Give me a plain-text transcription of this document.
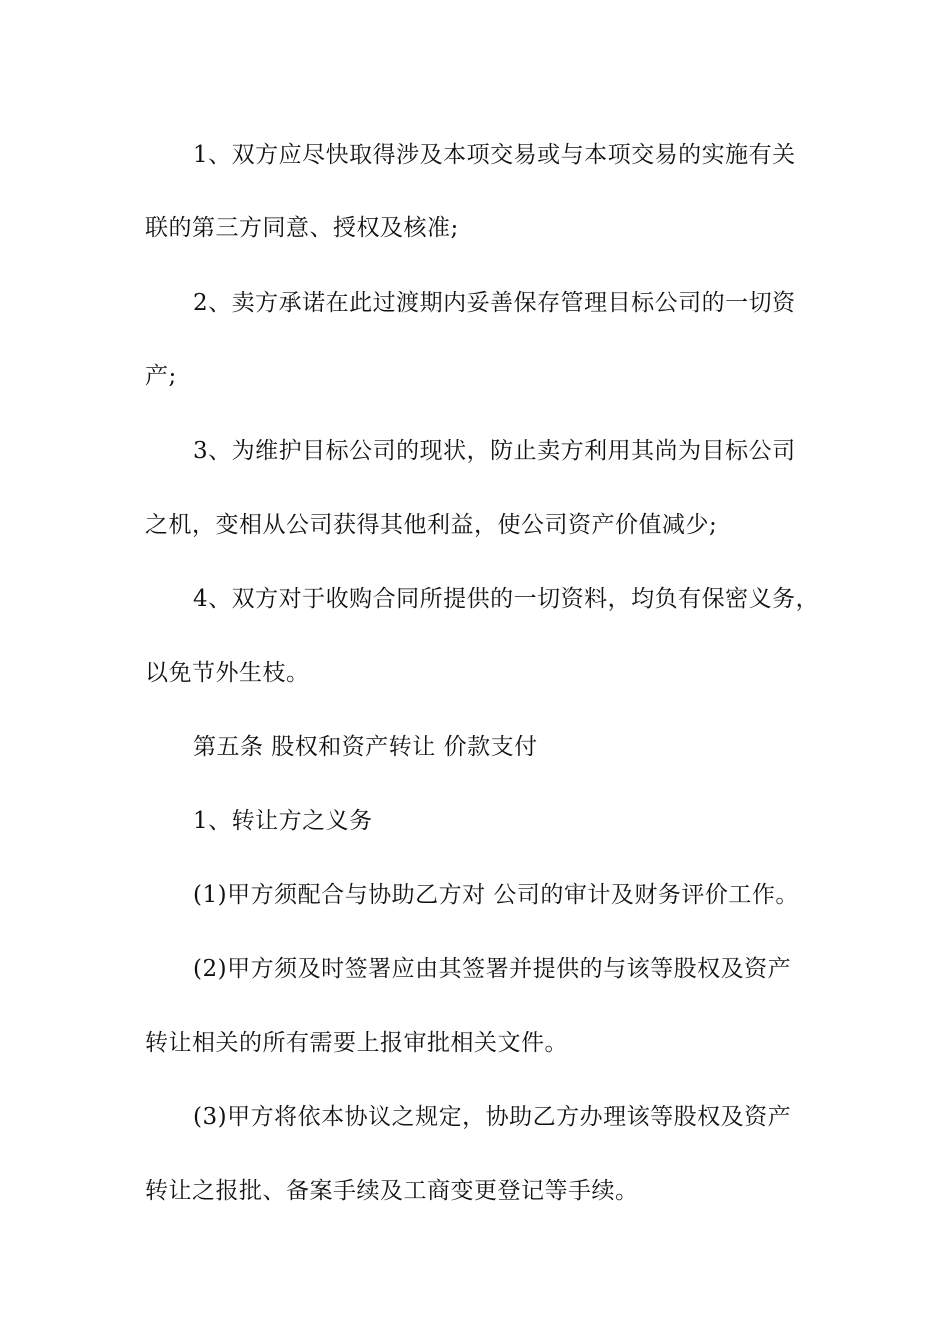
1、双方应尽快取得涉及本项交易或与本项交易的实施有关
联的第三方同意、授权及核准;
2、卖方承诺在此过渡期内妥善保存管理目标公司的一切资
产;
3、为维护目标公司的现状，防止卖方利用其尚为目标公司
之机，变相从公司获得其他利益，使公司资产价值减少;
4、双方对于收购合同所提供的一切资料，均负有保密义务，
以免节外生枝。
第五条 股权和资产转让 价款支付
1、转让方之义务
(1)甲方须配合与协助乙方对 公司的审计及财务评价工作。
(2)甲方须及时签署应由其签署并提供的与该等股权及资产
转让相关的所有需要上报审批相关文件。
(3)甲方将依本协议之规定，协助乙方办理该等股权及资产
转让之报批、备案手续及工商变更登记等手续。
